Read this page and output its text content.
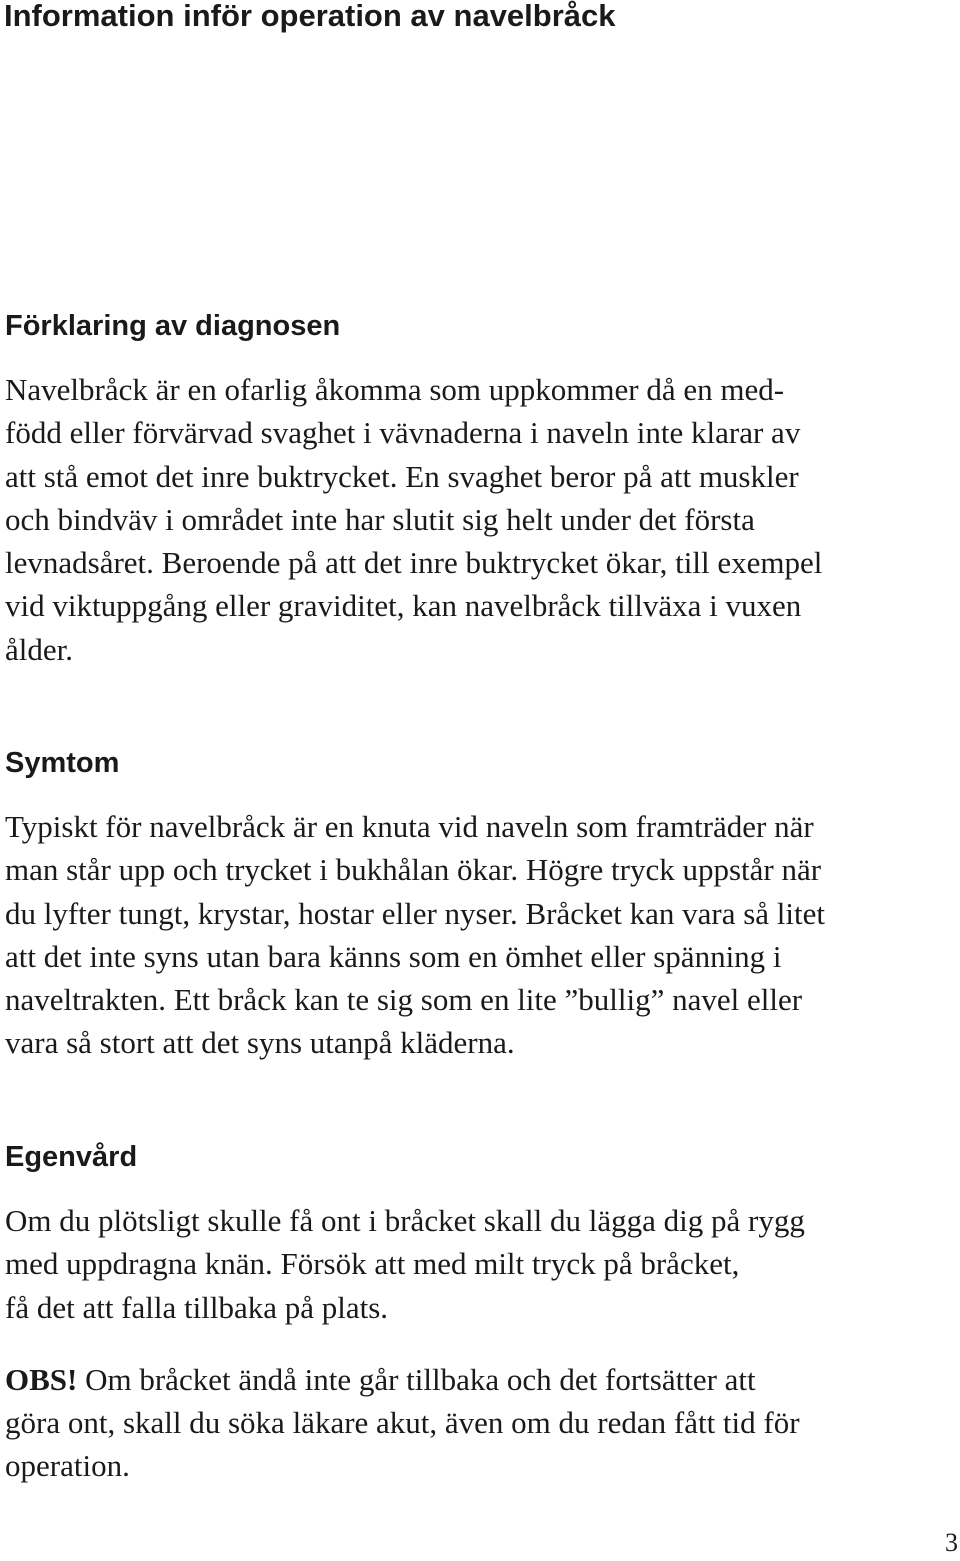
Information inför operation av navelbråck
Förklaring av diagnosen

Navelbråck är en ofarlig åkomma som uppkommer då en med-
född eller förvärvad svaghet i vävnaderna i naveln inte klarar av
att stå emot det inre buktrycket. En svaghet beror på att muskler
och bindväv i området inte har slutit sig helt under det första
levnadsåret. Beroende på att det inre buktrycket ökar, till exempel
vid viktuppgång eller graviditet, kan navelbråck tillväxa i vuxen
ålder.

Symtom

Typiskt för navelbråck är en knuta vid naveln som framträder när
man står upp och trycket i bukhålan ökar. Högre tryck uppstår när
du lyfter tungt, krystar, hostar eller nyser. Bråcket kan vara så litet
att det inte syns utan bara känns som en ömhet eller spänning i
naveltrakten. Ett bråck kan te sig som en lite ”bullig” navel eller
vara så stort att det syns utanpå kläderna.

Egenvård

Om du plötsligt skulle få ont i bråcket skall du lägga dig på rygg
med uppdragna knän. Försök att med milt tryck på bråcket,
få det att falla tillbaka på plats.

OBS! Om bråcket ändå inte går tillbaka och det fortsätter att
göra ont, skall du söka läkare akut, även om du redan fått tid för
operation.

3
